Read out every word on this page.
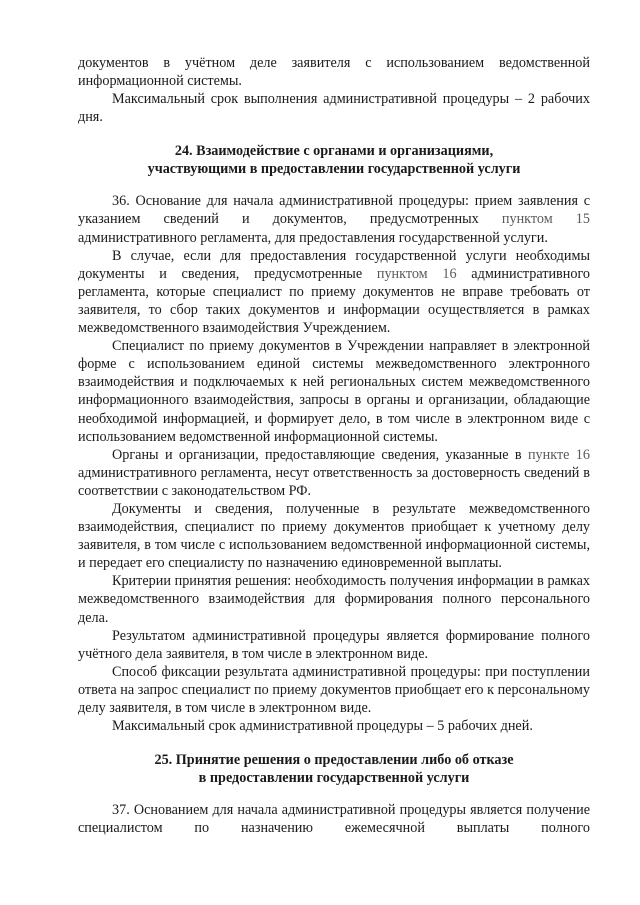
документов в учётном деле заявителя с использованием ведомственной информационной системы.

Максимальный срок выполнения административной процедуры – 2 рабочих дня.

24. Взаимодействие с органами и организациями,

участвующими в предоставлении государственной услуги

36. Основание для начала административной процедуры: прием заявления с указанием сведений и документов, предусмотренных пунктом 15 административного регламента, для предоставления государственной услуги.

В случае, если для предоставления государственной услуги необходимы документы и сведения, предусмотренные пунктом 16 административного регламента, которые специалист по приему документов не вправе требовать от заявителя, то сбор таких документов и информации осуществляется в рамках межведомственного взаимодействия Учреждением.

Специалист по приему документов в Учреждении направляет в электронной форме с использованием единой системы межведомственного электронного взаимодействия и подключаемых к ней региональных систем межведомственного информационного взаимодействия, запросы в органы и организации, обладающие необходимой информацией, и формирует дело, в том числе в электронном виде с использованием ведомственной информационной системы.

Органы и организации, предоставляющие сведения, указанные в пункте 16 административного регламента, несут ответственность за достоверность сведений в соответствии с законодательством РФ.

Документы и сведения, полученные в результате межведомственного взаимодействия, специалист по приему документов приобщает к учетному делу заявителя, в том числе с использованием ведомственной информационной системы, и передает его специалисту по назначению единовременной выплаты.

Критерии принятия решения: необходимость получения информации в рамках межведомственного взаимодействия для формирования полного персонального дела.

Результатом административной процедуры является формирование полного учётного дела заявителя, в том числе в электронном виде.

Способ фиксации результата административной процедуры: при поступлении ответа на запрос специалист по приему документов приобщает его к персональному делу заявителя, в том числе в электронном виде.

Максимальный срок административной процедуры – 5 рабочих дней.

25. Принятие решения о предоставлении либо об отказе

в предоставлении государственной услуги

37. Основанием для начала административной процедуры является получение специалистом по назначению ежемесячной выплаты полного
